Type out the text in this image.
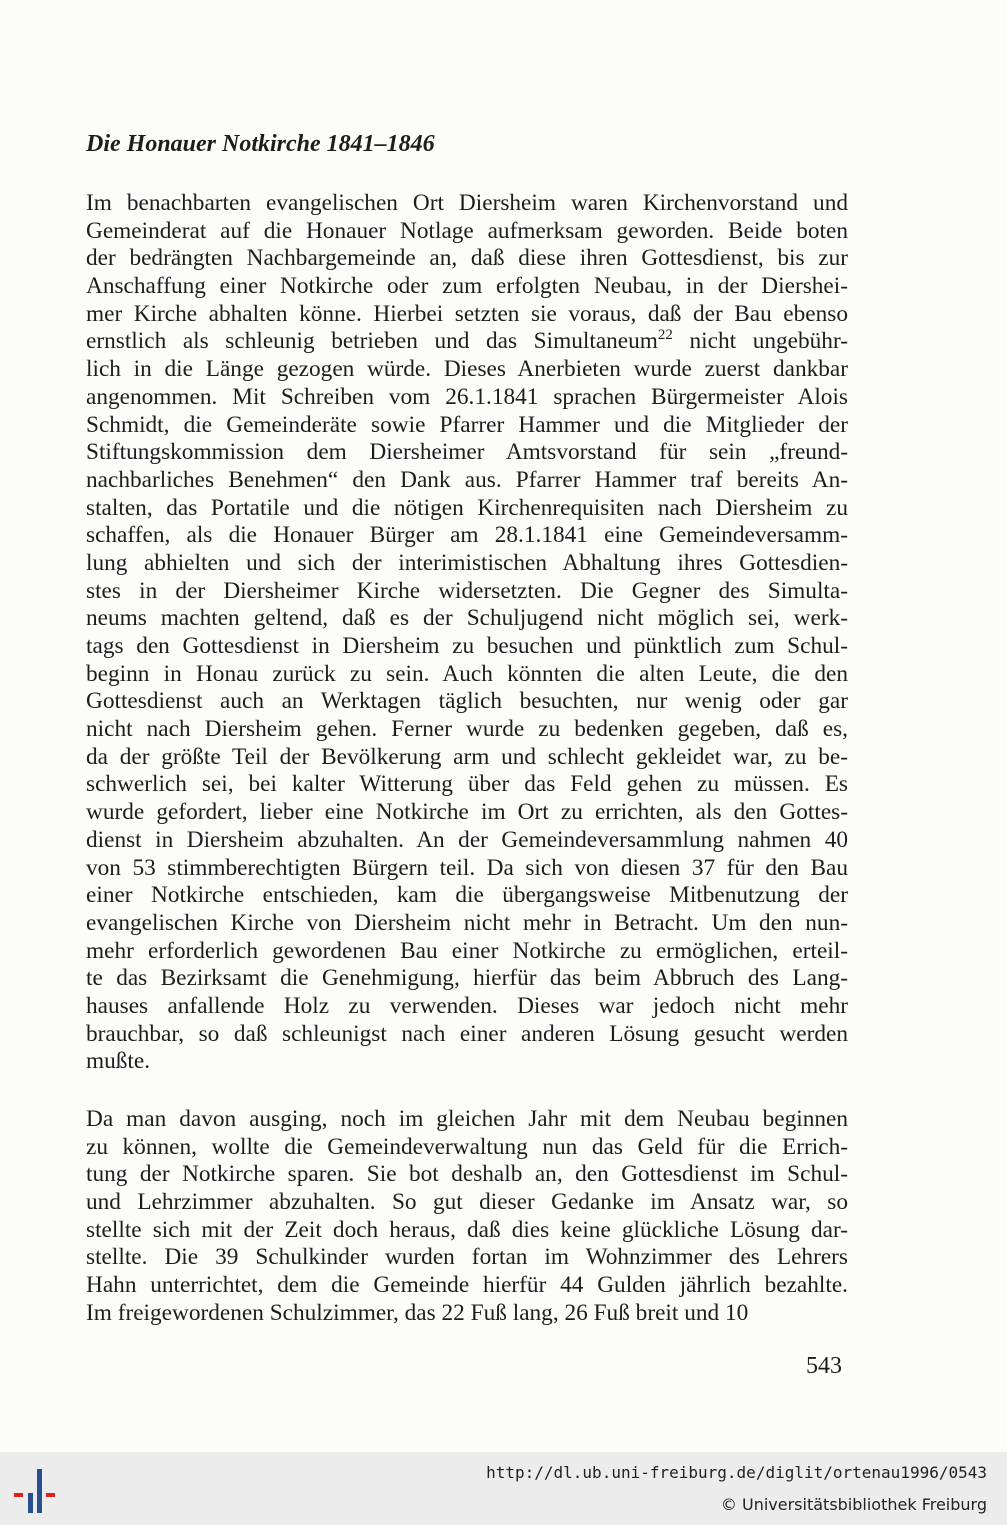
Die Honauer Notkirche 1841–1846

Im benachbarten evangelischen Ort Diersheim waren Kirchenvorstand und
Gemeinderat auf die Honauer Notlage aufmerksam geworden. Beide boten
der bedrängten Nachbargemeinde an, daß diese ihren Gottesdienst, bis zur
Anschaffung einer Notkirche oder zum erfolgten Neubau, in der Diershei-
mer Kirche abhalten könne. Hierbei setzten sie voraus, daß der Bau ebenso
ernstlich als schleunig betrieben und das Simultaneum$^{22}$ nicht ungebühr-
lich in die Länge gezogen würde. Dieses Anerbieten wurde zuerst dankbar
angenommen. Mit Schreiben vom 26.1.1841 sprachen Bürgermeister Alois
Schmidt, die Gemeinderäte sowie Pfarrer Hammer und die Mitglieder der
Stiftungskommission dem Diersheimer Amtsvorstand für sein „freund-
nachbarliches Benehmen“ den Dank aus. Pfarrer Hammer traf bereits An-
stalten, das Portatile und die nötigen Kirchenrequisiten nach Diersheim zu
schaffen, als die Honauer Bürger am 28.1.1841 eine Gemeindeversamm-
lung abhielten und sich der interimistischen Abhaltung ihres Gottesdien-
stes in der Diersheimer Kirche widersetzten. Die Gegner des Simulta-
neums machten geltend, daß es der Schuljugend nicht möglich sei, werk-
tags den Gottesdienst in Diersheim zu besuchen und pünktlich zum Schul-
beginn in Honau zurück zu sein. Auch könnten die alten Leute, die den
Gottesdienst auch an Werktagen täglich besuchten, nur wenig oder gar
nicht nach Diersheim gehen. Ferner wurde zu bedenken gegeben, daß es,
da der größte Teil der Bevölkerung arm und schlecht gekleidet war, zu be-
schwerlich sei, bei kalter Witterung über das Feld gehen zu müssen. Es
wurde gefordert, lieber eine Notkirche im Ort zu errichten, als den Gottes-
dienst in Diersheim abzuhalten. An der Gemeindeversammlung nahmen 40
von 53 stimmberechtigten Bürgern teil. Da sich von diesen 37 für den Bau
einer Notkirche entschieden, kam die übergangsweise Mitbenutzung der
evangelischen Kirche von Diersheim nicht mehr in Betracht. Um den nun-
mehr erforderlich gewordenen Bau einer Notkirche zu ermöglichen, erteil-
te das Bezirksamt die Genehmigung, hierfür das beim Abbruch des Lang-
hauses anfallende Holz zu verwenden. Dieses war jedoch nicht mehr
brauchbar, so daß schleunigst nach einer anderen Lösung gesucht werden
mußte.

Da man davon ausging, noch im gleichen Jahr mit dem Neubau beginnen
zu können, wollte die Gemeindeverwaltung nun das Geld für die Errich-
tung der Notkirche sparen. Sie bot deshalb an, den Gottesdienst im Schul-
und Lehrzimmer abzuhalten. So gut dieser Gedanke im Ansatz war, so
stellte sich mit der Zeit doch heraus, daß dies keine glückliche Lösung dar-
stellte. Die 39 Schulkinder wurden fortan im Wohnzimmer des Lehrers
Hahn unterrichtet, dem die Gemeinde hierfür 44 Gulden jährlich bezahlte.
Im freigewordenen Schulzimmer, das 22 Fuß lang, 26 Fuß breit und 10

543
http://dl.ub.uni-freiburg.de/diglit/ortenau1996/0543
© Universitätsbibliothek Freiburg
